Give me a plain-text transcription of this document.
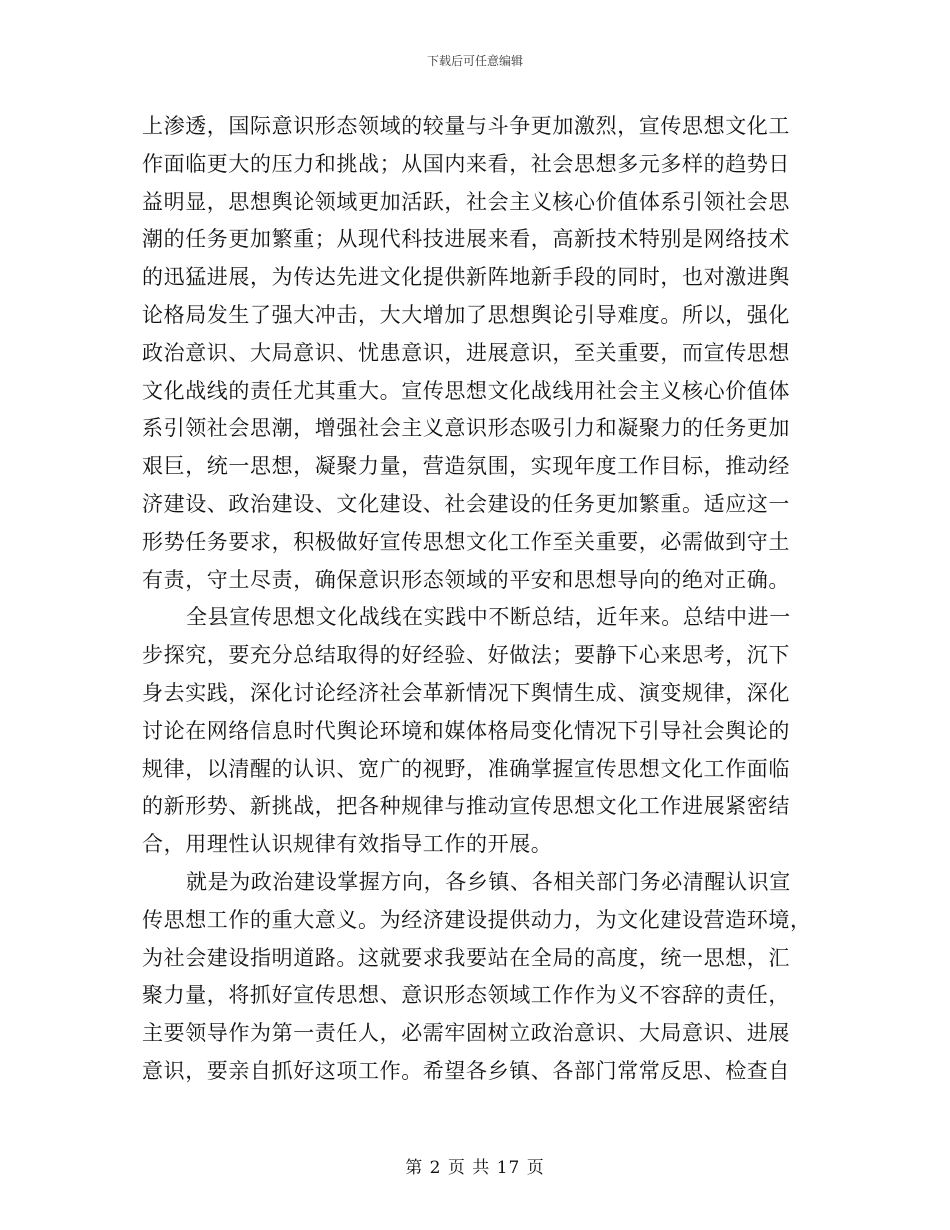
下载后可任意编辑
上渗透，国际意识形态领域的较量与斗争更加激烈，宣传思想文化工
作面临更大的压力和挑战；从国内来看，社会思想多元多样的趋势日
益明显，思想舆论领域更加活跃，社会主义核心价值体系引领社会思
潮的任务更加繁重；从现代科技进展来看，高新技术特别是网络技术
的迅猛进展，为传达先进文化提供新阵地新手段的同时，也对激进舆
论格局发生了强大冲击，大大增加了思想舆论引导难度。所以，强化
政治意识、大局意识、忧患意识，进展意识，至关重要，而宣传思想
文化战线的责任尤其重大。宣传思想文化战线用社会主义核心价值体
系引领社会思潮，增强社会主义意识形态吸引力和凝聚力的任务更加
艰巨，统一思想，凝聚力量，营造氛围，实现年度工作目标，推动经
济建设、政治建设、文化建设、社会建设的任务更加繁重。适应这一
形势任务要求，积极做好宣传思想文化工作至关重要，必需做到守土
有责，守土尽责，确保意识形态领域的平安和思想导向的绝对正确。
全县宣传思想文化战线在实践中不断总结，近年来。总结中进一
步探究，要充分总结取得的好经验、好做法；要静下心来思考，沉下
身去实践，深化讨论经济社会革新情况下舆情生成、演变规律，深化
讨论在网络信息时代舆论环境和媒体格局变化情况下引导社会舆论的
规律，以清醒的认识、宽广的视野，准确掌握宣传思想文化工作面临
的新形势、新挑战，把各种规律与推动宣传思想文化工作进展紧密结
合，用理性认识规律有效指导工作的开展。
就是为政治建设掌握方向，各乡镇、各相关部门务必清醒认识宣
传思想工作的重大意义。为经济建设提供动力，为文化建设营造环境，
为社会建设指明道路。这就要求我要站在全局的高度，统一思想，汇
聚力量，将抓好宣传思想、意识形态领域工作作为义不容辞的责任，
主要领导作为第一责任人，必需牢固树立政治意识、大局意识、进展
意识，要亲自抓好这项工作。希望各乡镇、各部门常常反思、检查自
第 2 页 共 17 页
